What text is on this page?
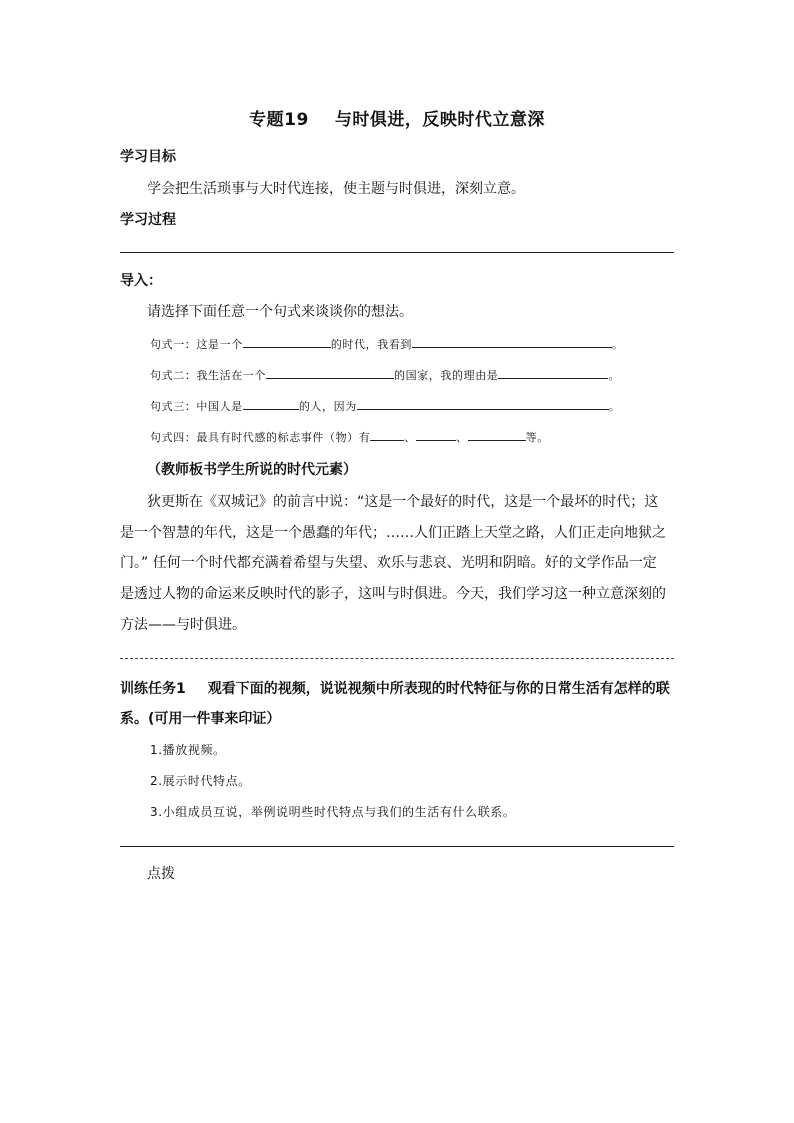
专题19 与时俱进，反映时代立意深
学习目标
学会把生活琐事与大时代连接，使主题与时俱进，深刻立意。
学习过程
导入：
请选择下面任意一个句式来谈谈你的想法。
句式一：这是一个	的时代，我看到	。
句式二：我生活在一个	的国家，我的理由是	。
句式三：中国人是	的人，因为	。
句式四：最具有时代感的标志事件（物）有	、	、	等。
（教师板书学生所说的时代元素）
狄更斯在《双城记》的前言中说：“这是一个最好的时代，这是一个最坏的时代；这
是一个智慧的年代，这是一个愚蠢的年代；……人们正踏上天堂之路，人们正走向地狱之
门。” 任何一个时代都充满着希望与失望、欢乐与悲哀、光明和阴暗。好的文学作品一定
是透过人物的命运来反映时代的影子，这叫与时俱进。今天，我们学习这一种立意深刻的
方法——与时俱进。
训练任务1 观看下面的视频，说说视频中所表现的时代特征与你的日常生活有怎样的联
系。(可用一件事来印证）
1.播放视频。
2.展示时代特点。
3.小组成员互说，举例说明些时代特点与我们的生活有什么联系。
点拨
